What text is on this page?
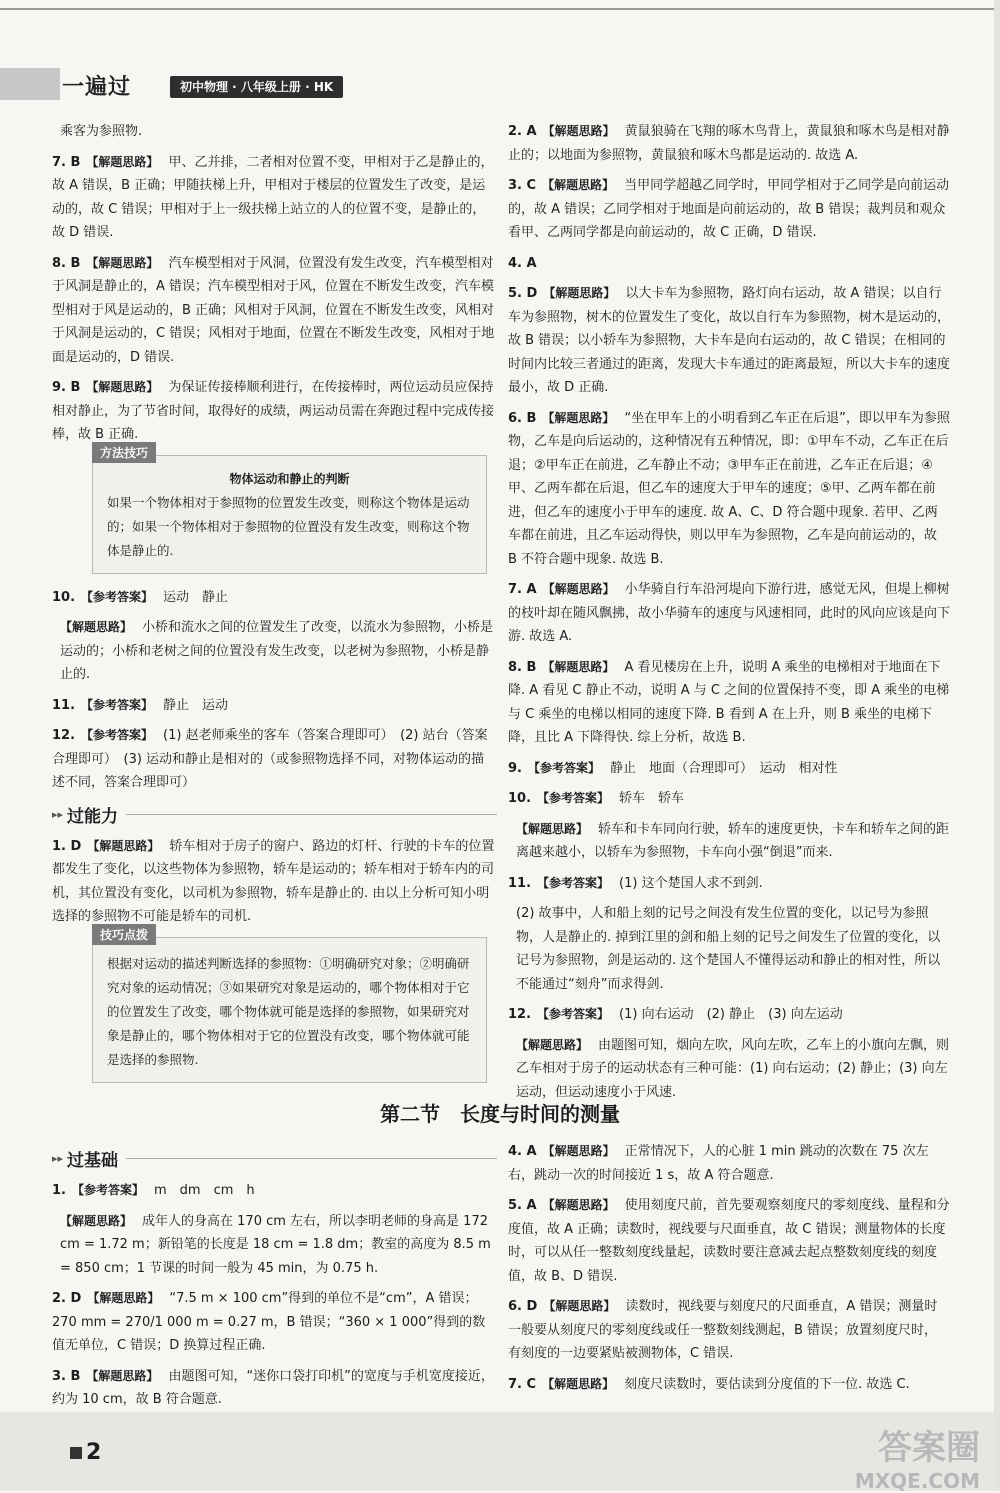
一遍过	初中物理 · 八年级上册 · HK
乘客为参照物.
7. B 【解题思路】 甲、乙并排，二者相对位置不变，甲相对于乙是静止的，故 A 错误，B 正确；甲随扶梯上升，甲相对于楼层的位置发生了改变，是运动的，故 C 错误；甲相对于上一级扶梯上站立的人的位置不变，是静止的，故 D 错误.
8. B 【解题思路】 汽车模型相对于风洞，位置没有发生改变，汽车模型相对于风洞是静止的，A 错误；汽车模型相对于风，位置在不断发生改变，汽车模型相对于风是运动的，B 正确；风相对于风洞，位置在不断发生改变，风相对于风洞是运动的，C 错误；风相对于地面，位置在不断发生改变，风相对于地面是运动的，D 错误.
9. B 【解题思路】 为保证传接棒顺利进行，在传接棒时，两位运动员应保持相对静止，为了节省时间，取得好的成绩，两运动员需在奔跑过程中完成传接棒，故 B 正确.
方法技巧
物体运动和静止的判断
如果一个物体相对于参照物的位置发生改变，则称这个物体是运动的；如果一个物体相对于参照物的位置没有发生改变，则称这个物体是静止的.
10. 【参考答案】 运动　静止
【解题思路】 小桥和流水之间的位置发生了改变，以流水为参照物，小桥是运动的；小桥和老树之间的位置没有发生改变，以老树为参照物，小桥是静止的.
11. 【参考答案】 静止　运动
12. 【参考答案】 (1) 赵老师乘坐的客车（答案合理即可）　(2) 站台（答案合理即可）　(3) 运动和静止是相对的（或参照物选择不同，对物体运动的描述不同，答案合理即可）
▸▸ 过能力
1. D 【解题思路】 轿车相对于房子的窗户、路边的灯杆、行驶的卡车的位置都发生了变化，以这些物体为参照物，轿车是运动的；轿车相对于轿车内的司机，其位置没有变化，以司机为参照物，轿车是静止的. 由以上分析可知小明选择的参照物不可能是轿车的司机.
技巧点拨
根据对运动的描述判断选择的参照物：①明确研究对象；②明确研究对象的运动情况；③如果研究对象是运动的，哪个物体相对于它的位置发生了改变，哪个物体就可能是选择的参照物，如果研究对象是静止的，哪个物体相对于它的位置没有改变，哪个物体就可能是选择的参照物.
2. A 【解题思路】 黄鼠狼骑在飞翔的啄木鸟背上，黄鼠狼和啄木鸟是相对静止的；以地面为参照物，黄鼠狼和啄木鸟都是运动的. 故选 A.
3. C 【解题思路】 当甲同学超越乙同学时，甲同学相对于乙同学是向前运动的，故 A 错误；乙同学相对于地面是向前运动的，故 B 错误；裁判员和观众看甲、乙两同学都是向前运动的，故 C 正确，D 错误.
4. A
5. D 【解题思路】 以大卡车为参照物，路灯向右运动，故 A 错误；以自行车为参照物，树木的位置发生了变化，故以自行车为参照物，树木是运动的，故 B 错误；以小轿车为参照物，大卡车是向右运动的，故 C 错误；在相同的时间内比较三者通过的距离，发现大卡车通过的距离最短，所以大卡车的速度最小，故 D 正确.
6. B 【解题思路】 “坐在甲车上的小明看到乙车正在后退”，即以甲车为参照物，乙车是向后运动的，这种情况有五种情况，即：①甲车不动，乙车正在后退；②甲车正在前进，乙车静止不动；③甲车正在前进，乙车正在后退；④甲、乙两车都在后退，但乙车的速度大于甲车的速度；⑤甲、乙两车都在前进，但乙车的速度小于甲车的速度. 故 A、C、D 符合题中现象. 若甲、乙两车都在前进，且乙车运动得快，则以甲车为参照物，乙车是向前运动的，故 B 不符合题中现象. 故选 B.
7. A 【解题思路】 小华骑自行车沿河堤向下游行进，感觉无风，但堤上柳树的枝叶却在随风飘拂，故小华骑车的速度与风速相同，此时的风向应该是向下游. 故选 A.
8. B 【解题思路】 A 看见楼房在上升，说明 A 乘坐的电梯相对于地面在下降. A 看见 C 静止不动，说明 A 与 C 之间的位置保持不变，即 A 乘坐的电梯与 C 乘坐的电梯以相同的速度下降. B 看到 A 在上升，则 B 乘坐的电梯下降，且比 A 下降得快. 综上分析，故选 B.
9. 【参考答案】 静止　地面（合理即可）　运动　相对性
10. 【参考答案】 轿车　轿车
【解题思路】 轿车和卡车同向行驶，轿车的速度更快，卡车和轿车之间的距离越来越小，以轿车为参照物，卡车向小强“倒退”而来.
11. 【参考答案】 (1) 这个楚国人求不到剑.
(2) 故事中，人和船上刻的记号之间没有发生位置的变化，以记号为参照物，人是静止的. 掉到江里的剑和船上刻的记号之间发生了位置的变化，以记号为参照物，剑是运动的. 这个楚国人不懂得运动和静止的相对性，所以不能通过“刻舟”而求得剑.
12. 【参考答案】 (1) 向右运动　(2) 静止　(3) 向左运动
【解题思路】 由题图可知，烟向左吹，风向左吹，乙车上的小旗向左飘，则乙车相对于房子的运动状态有三种可能：(1) 向右运动；(2) 静止；(3) 向左运动，但运动速度小于风速.
第二节　长度与时间的测量
▸▸ 过基础
1. 【参考答案】 m　dm　cm　h
【解题思路】 成年人的身高在 170 cm 左右，所以李明老师的身高是 172 cm = 1.72 m；新铅笔的长度是 18 cm = 1.8 dm；教室的高度为 8.5 m = 850 cm；1 节课的时间一般为 45 min，为 0.75 h.
2. D 【解题思路】 “7.5 m × 100 cm”得到的单位不是“cm”，A 错误；270 mm = 270/1 000 m = 0.27 m，B 错误；“360 × 1 000”得到的数值无单位，C 错误；D 换算过程正确.
3. B 【解题思路】 由题图可知，“迷你口袋打印机”的宽度与手机宽度接近，约为 10 cm，故 B 符合题意.
4. A 【解题思路】 正常情况下，人的心脏 1 min 跳动的次数在 75 次左右，跳动一次的时间接近 1 s，故 A 符合题意.
5. A 【解题思路】 使用刻度尺前，首先要观察刻度尺的零刻度线、量程和分度值，故 A 正确；读数时，视线要与尺面垂直，故 C 错误；测量物体的长度时，可以从任一整数刻度线量起，读数时要注意减去起点整数刻度线的刻度值，故 B、D 错误.
6. D 【解题思路】 读数时，视线要与刻度尺的尺面垂直，A 错误；测量时一般要从刻度尺的零刻度线或任一整数刻线测起，B 错误；放置刻度尺时，有刻度的一边要紧贴被测物体，C 错误.
7. C 【解题思路】 刻度尺读数时，要估读到分度值的下一位. 故选 C.
2	答案圈
MXQE.COM
